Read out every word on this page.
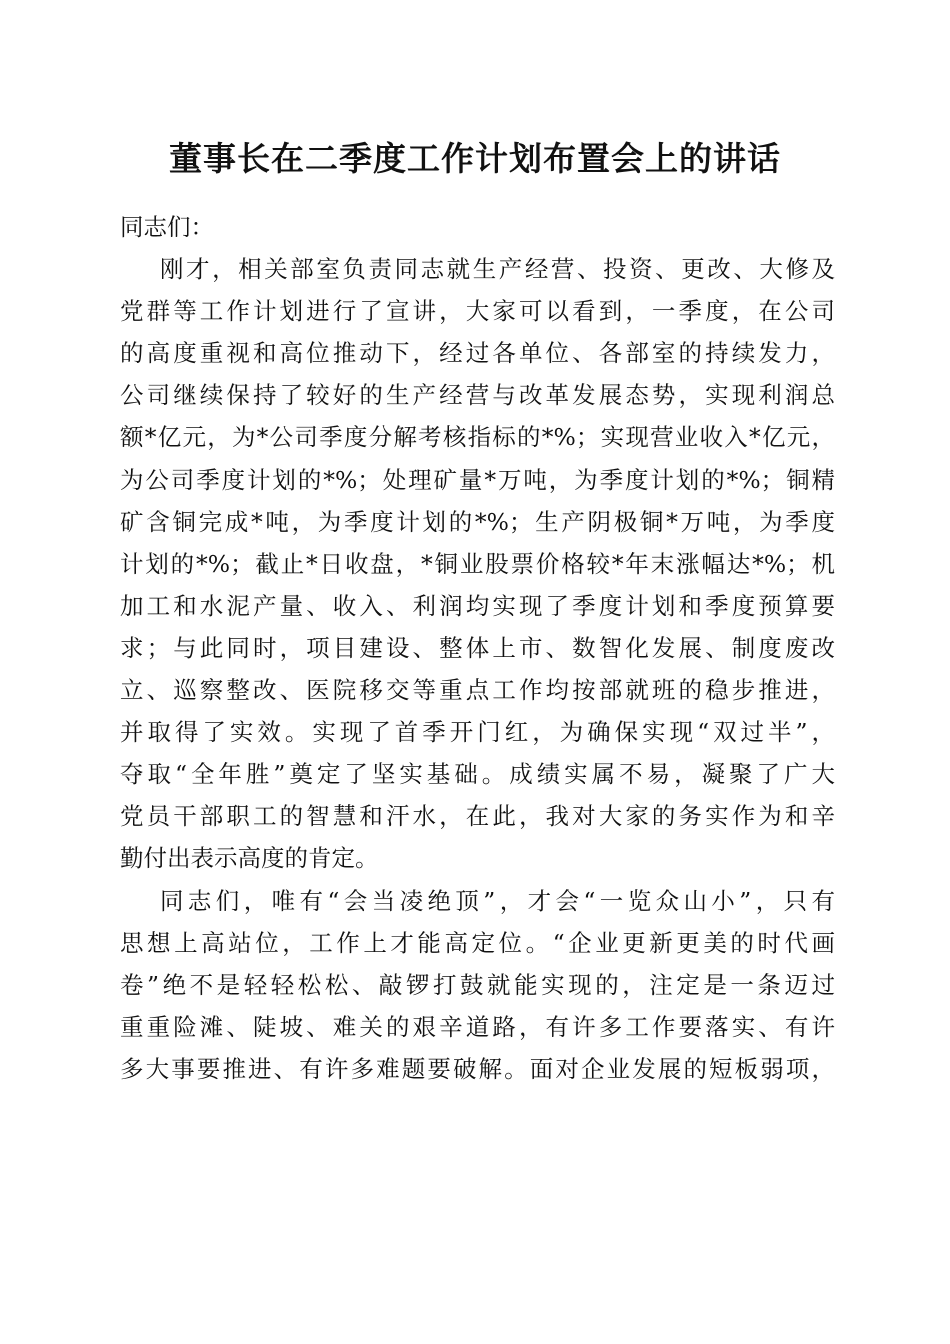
董事长在二季度工作计划布置会上的讲话
同志们：
刚才，相关部室负责同志就生产经营、投资、更改、大修及
党群等工作计划进行了宣讲，大家可以看到，一季度，在公司
的高度重视和高位推动下，经过各单位、各部室的持续发力，
公司继续保持了较好的生产经营与改革发展态势，实现利润总
额*亿元，为*公司季度分解考核指标的*%；实现营业收入*亿元，
为公司季度计划的*%；处理矿量*万吨，为季度计划的*%；铜精
矿含铜完成*吨，为季度计划的*%；生产阴极铜*万吨，为季度
计划的*%；截止*日收盘，*铜业股票价格较*年末涨幅达*%；机
加工和水泥产量、收入、利润均实现了季度计划和季度预算要
求；与此同时，项目建设、整体上市、数智化发展、制度废改
立、巡察整改、医院移交等重点工作均按部就班的稳步推进，
并取得了实效。实现了首季开门红，为确保实现“双过半”，
夺取“全年胜”奠定了坚实基础。成绩实属不易，凝聚了广大
党员干部职工的智慧和汗水，在此，我对大家的务实作为和辛
勤付出表示高度的肯定。
同志们，唯有“会当凌绝顶”，才会“一览众山小”，只有
思想上高站位，工作上才能高定位。“企业更新更美的时代画
卷”绝不是轻轻松松、敲锣打鼓就能实现的，注定是一条迈过
重重险滩、陡坡、难关的艰辛道路，有许多工作要落实、有许
多大事要推进、有许多难题要破解。面对企业发展的短板弱项，
